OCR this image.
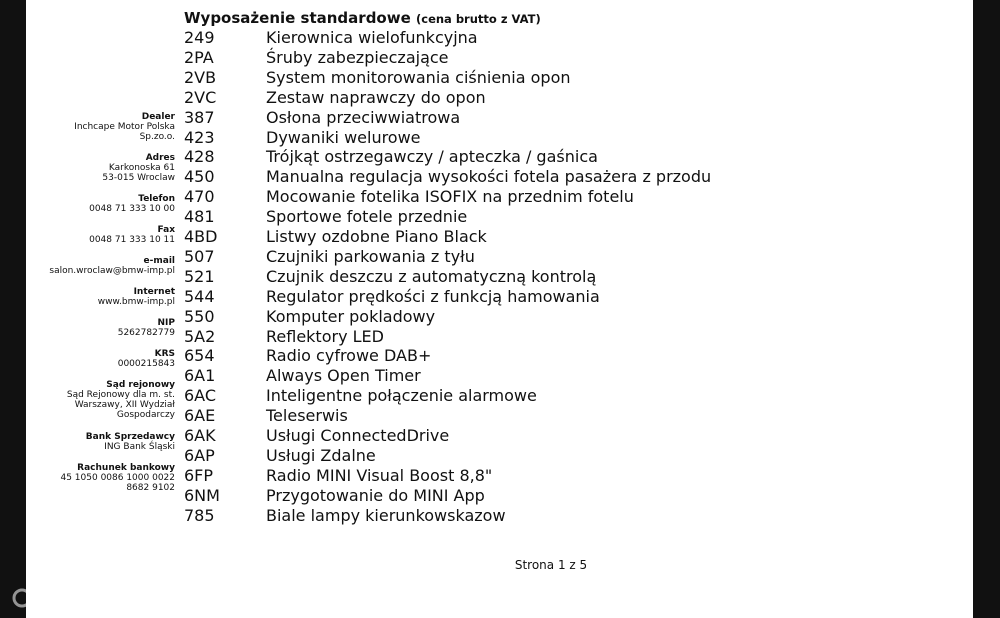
Wyposażenie standardowe (cena brutto z VAT)
249	Kierownica wielofunkcyjna
2PA	Śruby zabezpieczające
2VB	System monitorowania ciśnienia opon
2VC	Zestaw naprawczy do opon
387	Osłona przeciwwiatrowa
423	Dywaniki welurowe
428	Trójkąt ostrzegawczy / apteczka / gaśnica
450	Manualna regulacja wysokości fotela pasażera z przodu
470	Mocowanie fotelika ISOFIX na przednim fotelu
481	Sportowe fotele przednie
4BD	Listwy ozdobne Piano Black
507	Czujniki parkowania z tyłu
521	Czujnik deszczu z automatyczną kontrolą
544	Regulator prędkości z funkcją hamowania
550	Komputer pokladowy
5A2	Reflektory LED
654	Radio cyfrowe DAB+
6A1	Always Open Timer
6AC	Inteligentne połączenie alarmowe
6AE	Teleserwis
6AK	Usługi ConnectedDrive
6AP	Usługi Zdalne
6FP	Radio MINI Visual Boost 8,8"
6NM	Przygotowanie do MINI App
785	Biale lampy kierunkowskazow
Dealer
Inchcape Motor Polska
Sp.zo.o.
Adres
Karkonoska 61
53-015 Wroclaw
Telefon
0048 71 333 10 00
Fax
0048 71 333 10 11
e-mail
salon.wroclaw@bmw-imp.pl
Internet
www.bmw-imp.pl
NIP
5262782779
KRS
0000215843
Sąd rejonowy
Sąd Rejonowy dla m. st.
Warszawy, XII Wydział
Gospodarczy
Bank Sprzedawcy
ING Bank Śląski
Rachunek bankowy
45 1050 0086 1000 0022
8682 9102
Strona 1 z 5
